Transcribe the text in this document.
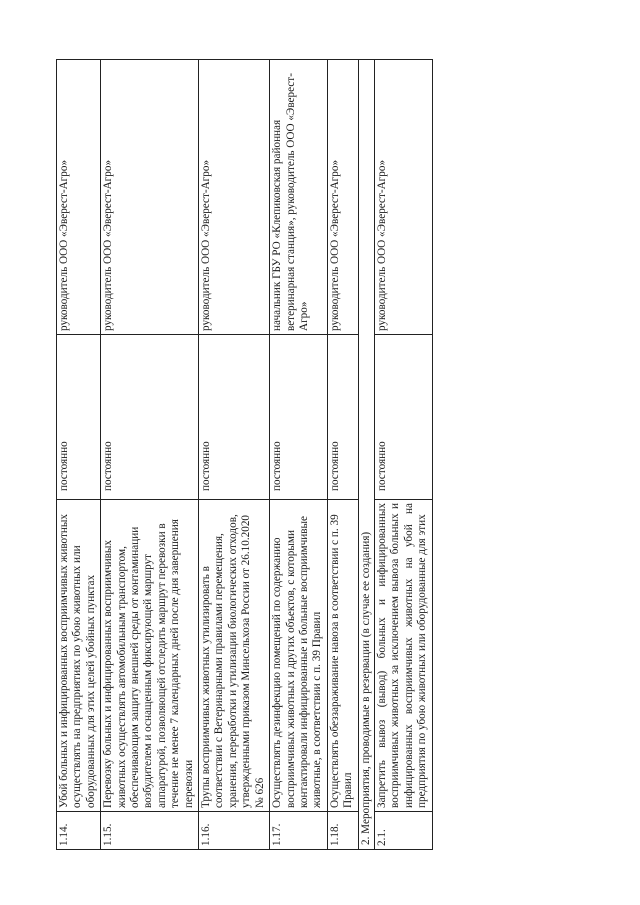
1.14.	Убой больных и инфицированных восприимчивых животных осуществлять на предприятиях по убою животных или оборудованных для этих целей убойных пунктах	постоянно	руководитель ООО «Эверест-Агро»
1.15.	Перевозку больных и инфицированных восприимчивых животных осуществлять автомобильным транспортом, обеспечивающим защиту внешней среды от контаминации возбудителем и оснащенным фиксирующей маршрут аппаратурой, позволяющей отследить маршрут перевозки в течение не менее 7 календарных дней после дня завершения перевозки	постоянно	руководитель ООО «Эверест-Агро»
1.16.	Трупы восприимчивых животных утилизировать в соответствии с Ветеринарными правилами перемещения, хранения, переработки и утилизации биологических отходов, утвержденными приказом Минсельхоза России от 26.10.2020 № 626	постоянно	руководитель ООО «Эверест-Агро»
1.17.	Осуществлять дезинфекцию помещений по содержанию восприимчивых животных и других объектов, с которыми контактировали инфицированные и больные восприимчивые животные, в соответствии с п. 39 Правил	постоянно	начальник ГБУ РО «Клепиковская районная ветеринарная станция», руководитель ООО «Эверест-Агро»
1.18.	Осуществлять обеззараживание навоза в соответствии с п. 39 Правил	постоянно	руководитель ООО «Эверест-Агро»
2. Мероприятия, проводимые в резервации (в случае ее создания)			
2.1.	Запретить вывоз (вывод) больных и инфицированных восприимчивых животных за исключением вывоза больных и инфицированных восприимчивых животных на убой на предприятия по убою животных или оборудованные для этих	постоянно	руководитель ООО «Эверест-Агро»
